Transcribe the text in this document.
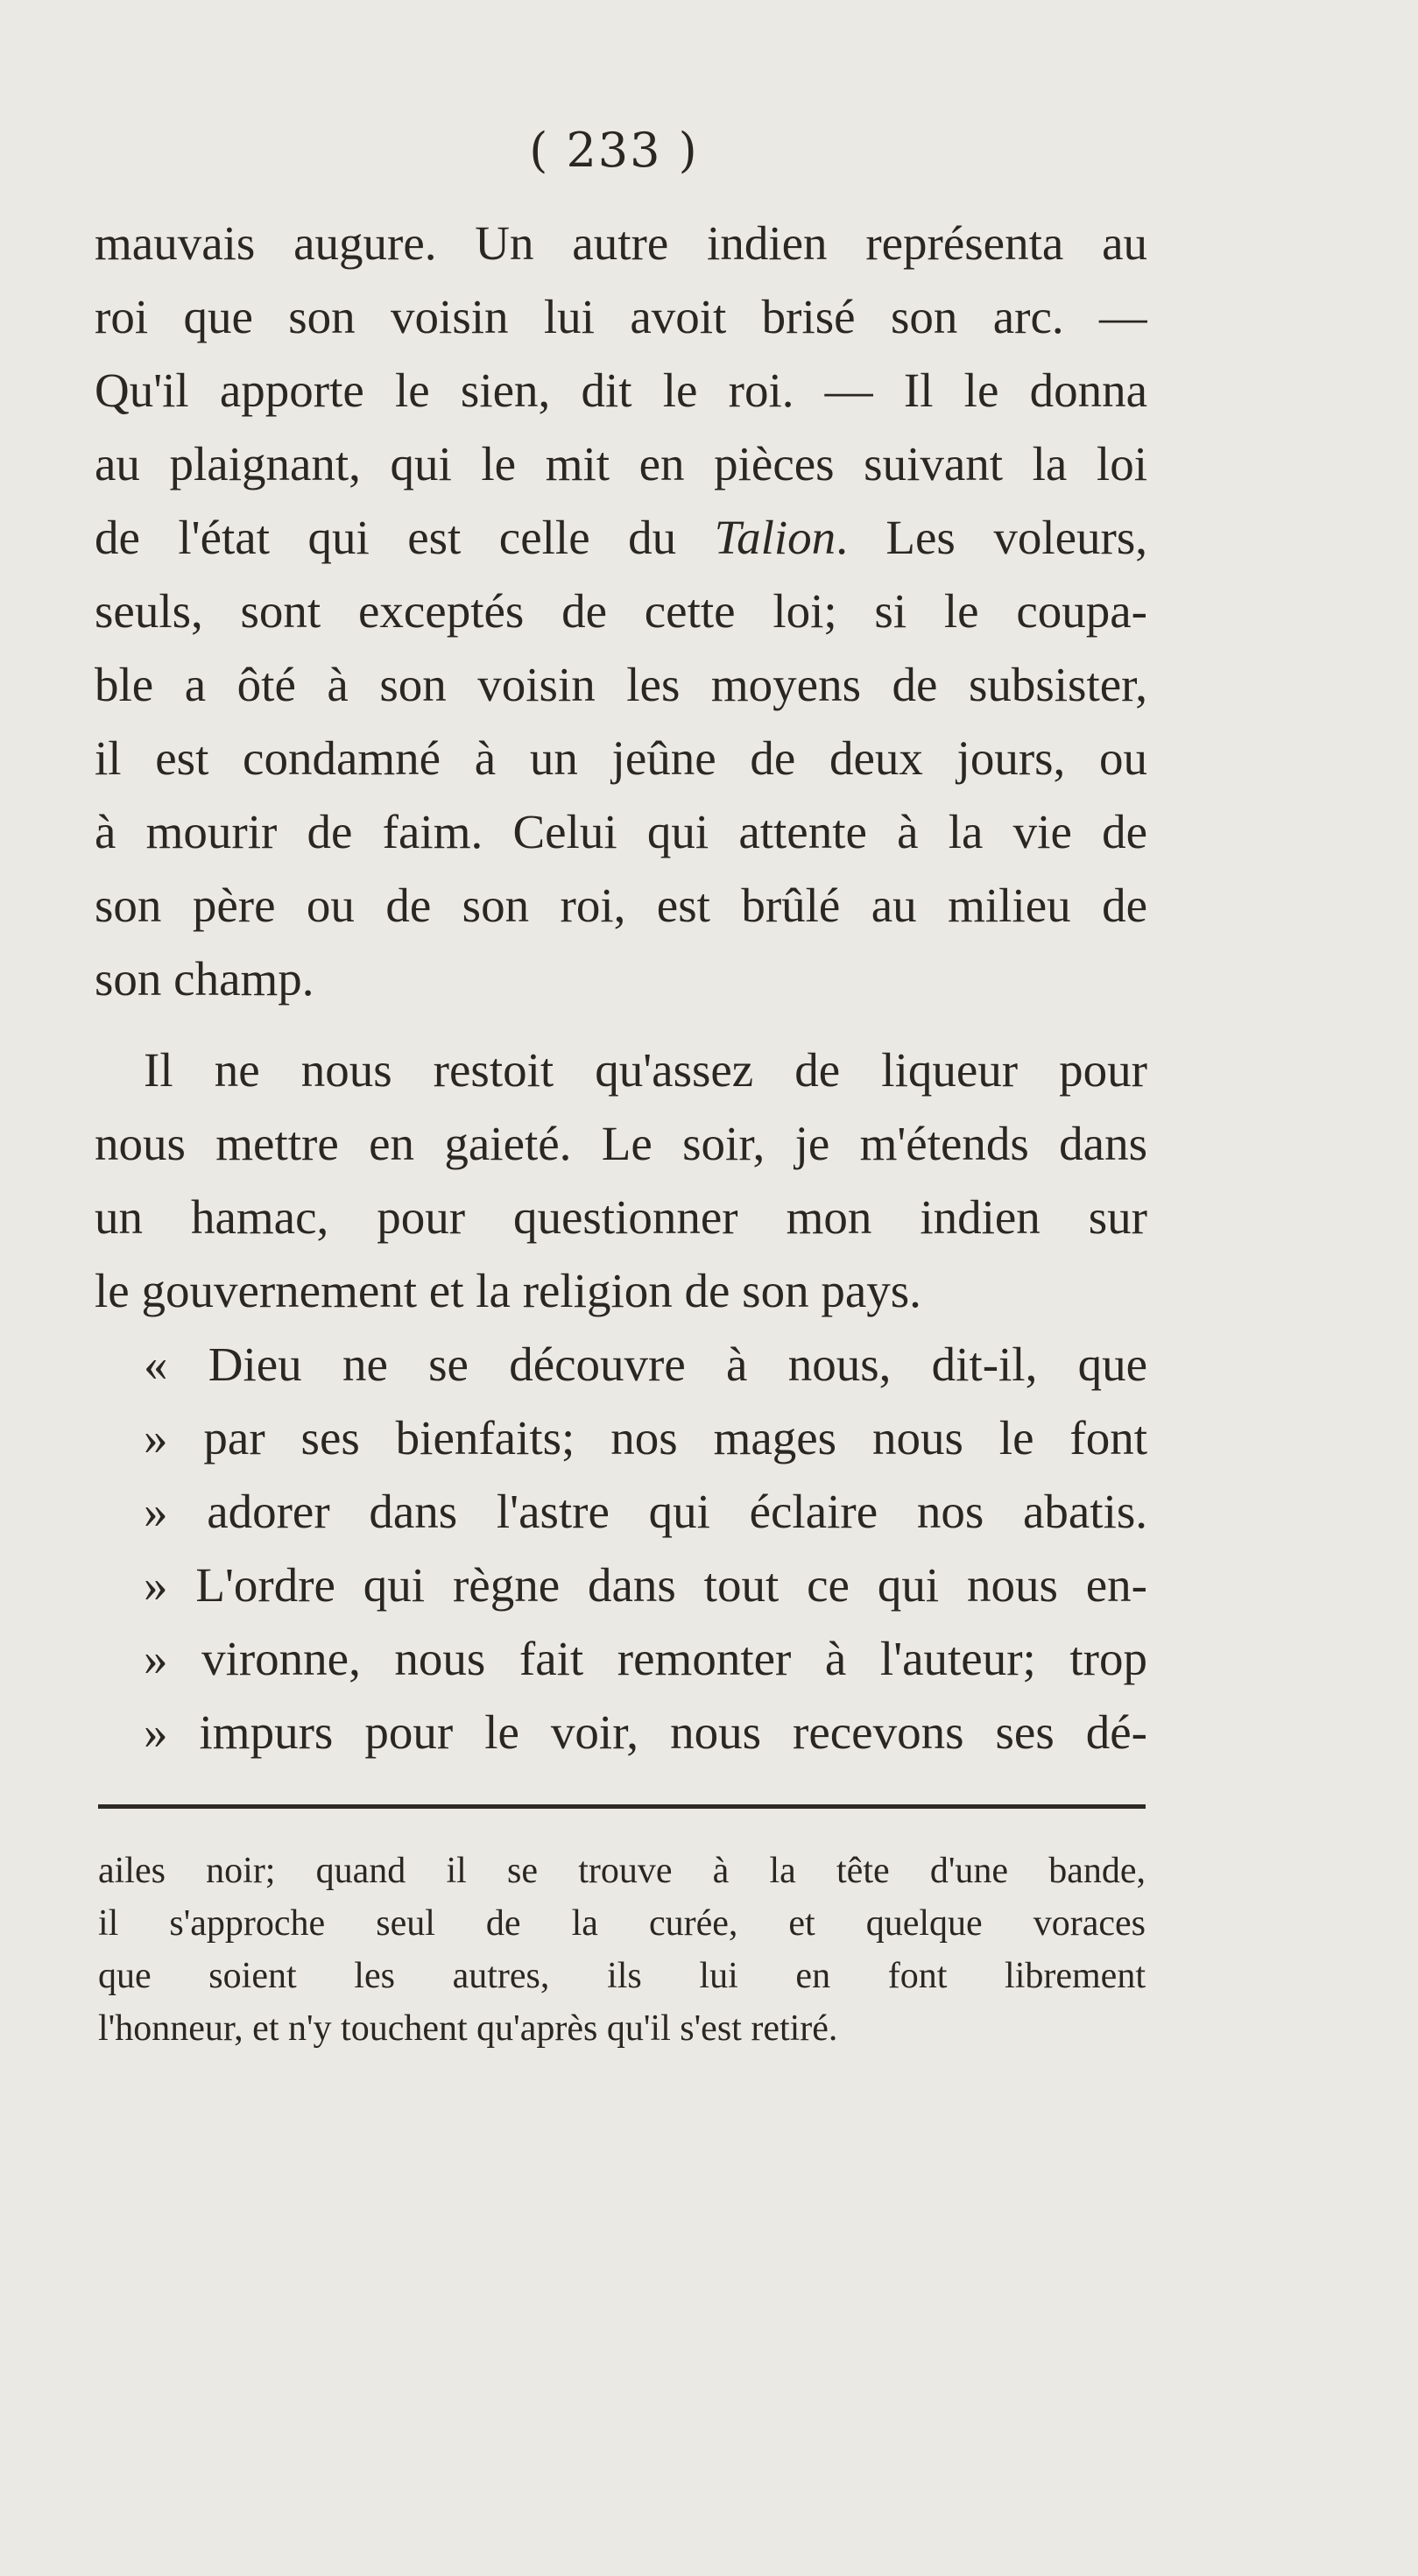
( 233 )
mauvais augure. Un autre indien représenta au
roi que son voisin lui avoit brisé son arc. —
Qu'il apporte le sien, dit le roi. — Il le donna
au plaignant, qui le mit en pièces suivant la loi
de l'état qui est celle du Talion. Les voleurs,
seuls, sont exceptés de cette loi; si le coupa-
ble a ôté à son voisin les moyens de subsister,
il est condamné à un jeûne de deux jours, ou
à mourir de faim. Celui qui attente à la vie de
son père ou de son roi, est brûlé au milieu de
son champ.
Il ne nous restoit qu'assez de liqueur pour
nous mettre en gaieté. Le soir, je m'étends dans
un hamac, pour questionner mon indien sur
le gouvernement et la religion de son pays.
« Dieu ne se découvre à nous, dit-il, que
» par ses bienfaits; nos mages nous le font
» adorer dans l'astre qui éclaire nos abatis.
» L'ordre qui règne dans tout ce qui nous en-
» vironne, nous fait remonter à l'auteur; trop
» impurs pour le voir, nous recevons ses dé-
ailes noir; quand il se trouve à la tête d'une bande,
il s'approche seul de la curée, et quelque voraces
que soient les autres, ils lui en font librement
l'honneur, et n'y touchent qu'après qu'il s'est retiré.
